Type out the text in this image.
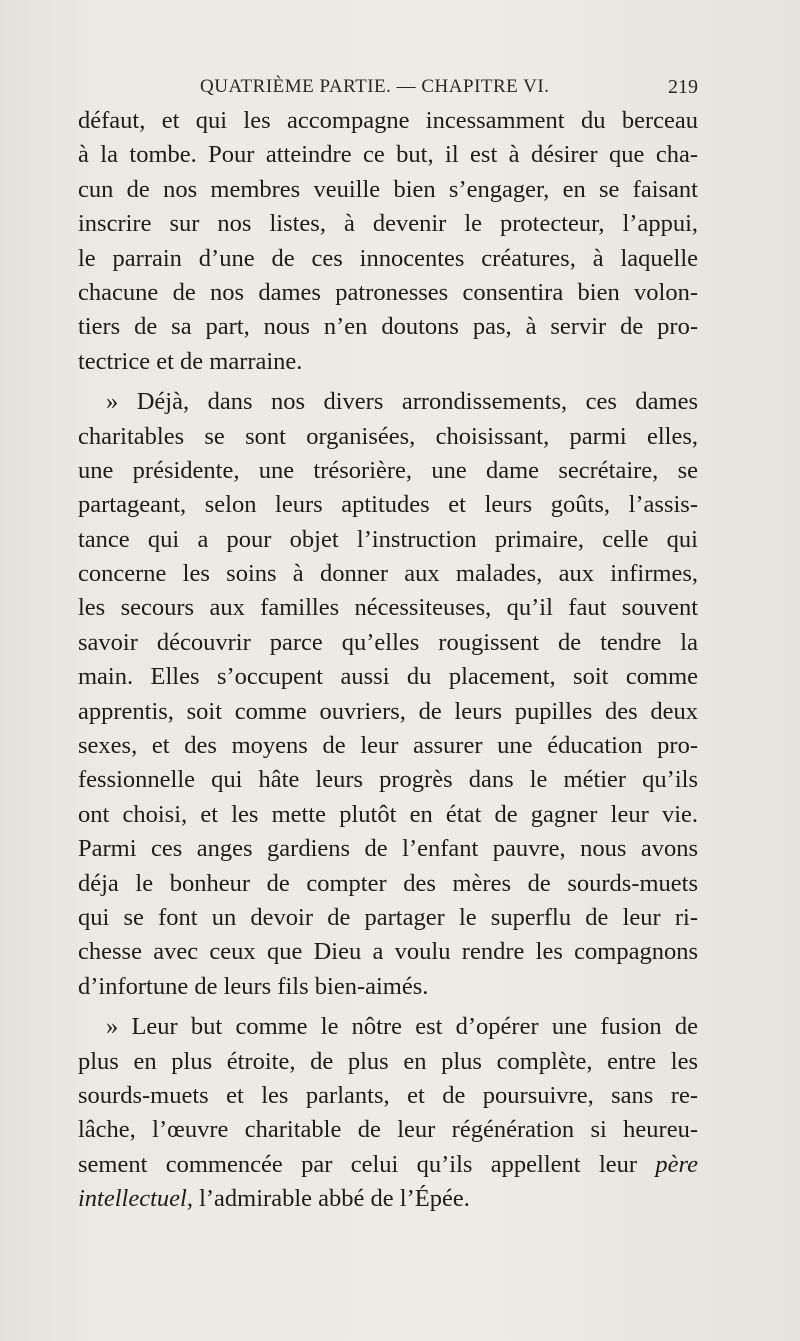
QUATRIÈME PARTIE. — CHAPITRE VI.	219
défaut, et qui les accompagne incessamment du berceau
à la tombe. Pour atteindre ce but, il est à désirer que cha-
cun de nos membres veuille bien s’engager, en se faisant
inscrire sur nos listes, à devenir le protecteur, l’appui,
le parrain d’une de ces innocentes créatures, à laquelle
chacune de nos dames patronesses consentira bien volon-
tiers de sa part, nous n’en doutons pas, à servir de pro-
tectrice et de marraine.
» Déjà, dans nos divers arrondissements, ces dames
charitables se sont organisées, choisissant, parmi elles,
une présidente, une trésorière, une dame secrétaire, se
partageant, selon leurs aptitudes et leurs goûts, l’assis-
tance qui a pour objet l’instruction primaire, celle qui
concerne les soins à donner aux malades, aux infirmes,
les secours aux familles nécessiteuses, qu’il faut souvent
savoir découvrir parce qu’elles rougissent de tendre la
main. Elles s’occupent aussi du placement, soit comme
apprentis, soit comme ouvriers, de leurs pupilles des deux
sexes, et des moyens de leur assurer une éducation pro-
fessionnelle qui hâte leurs progrès dans le métier qu’ils
ont choisi, et les mette plutôt en état de gagner leur vie.
Parmi ces anges gardiens de l’enfant pauvre, nous avons
déja le bonheur de compter des mères de sourds-muets
qui se font un devoir de partager le superflu de leur ri-
chesse avec ceux que Dieu a voulu rendre les compagnons
d’infortune de leurs fils bien-aimés.
» Leur but comme le nôtre est d’opérer une fusion de
plus en plus étroite, de plus en plus complète, entre les
sourds-muets et les parlants, et de poursuivre, sans re-
lâche, l’œuvre charitable de leur régénération si heureu-
sement commencée par celui qu’ils appellent leur père
intellectuel, l’admirable abbé de l’Épée.
